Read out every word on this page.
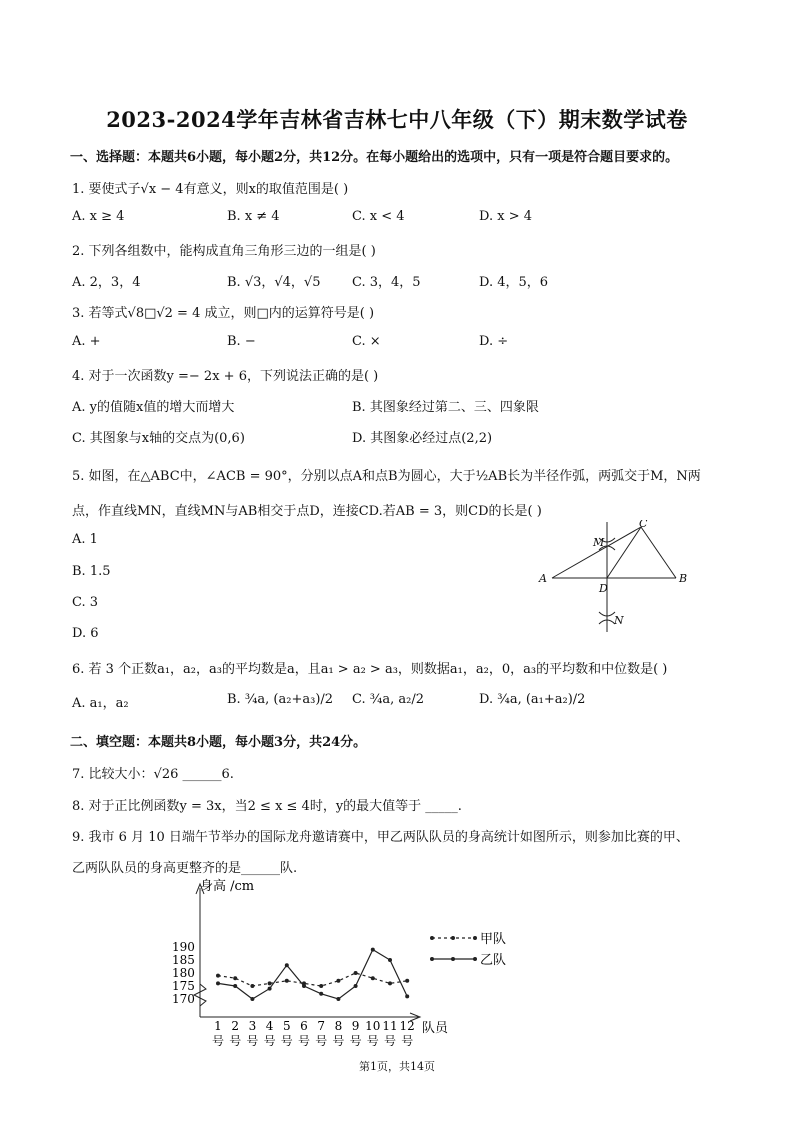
2023-2024学年吉林省吉林七中八年级（下）期末数学试卷
一、选择题：本题共6小题，每小题2分，共12分。在每小题给出的选项中，只有一项是符合题目要求的。
1. 要使式子√x − 4有意义，则x的取值范围是( )
A. x ≥ 4	B. x ≠ 4	C. x < 4	D. x > 4
2. 下列各组数中，能构成直角三角形三边的一组是( )
A. 2，3，4	B. √3，√4，√5 C. 3，4，5	D. 4，5，6
3. 若等式√8□√2 = 4 成立，则□内的运算符号是( )
A. +	B. −	C. ×	D. ÷
4. 对于一次函数y =− 2x + 6，下列说法正确的是( )
A. y的值随x值的增大而增大	B. 其图象经过第二、三、四象限
C. 其图象与x轴的交点为(0,6)	D. 其图象必经过点(2,2)
5. 如图，在△ABC中，∠ACB = 90°，分别以点A和点B为圆心，大于½AB长为半径作弧，两弧交于M，N两
点，作直线MN，直线MN与AB相交于点D，连接CD.若AB = 3，则CD的长是( )
A. 1
B. 1.5
C. 3
D. 6
A	B
C
D
M
N
6. 若 3 个正数a₁，a₂，a₃的平均数是a，且a₁ > a₂ > a₃，则数据a₁，a₂，0，a₃的平均数和中位数是( )
A. a₁，a₂	B. ¾a, (a₂+a₃)/2 C. ¾a, a₂/2	D. ¾a, (a₁+a₂)/2
二、填空题：本题共8小题，每小题3分，共24分。
7. 比较大小：√26 ______6.
8. 对于正比例函数y = 3x，当2 ≤ x ≤ 4时，y的最大值等于 _____.
9. 我市 6 月 10 日端午节举办的国际龙舟邀请赛中，甲乙两队队员的身高统计如图所示，则参加比赛的甲、
乙两队队员的身高更整齐的是______队.
身高 /cm
队员
170
175
180
185
190
1
号
2
号
3
号
4
号
5
号
6
号
7
号
8
号
9
号
10
号
11
号
12
号
甲队
乙队
第1页，共14页
